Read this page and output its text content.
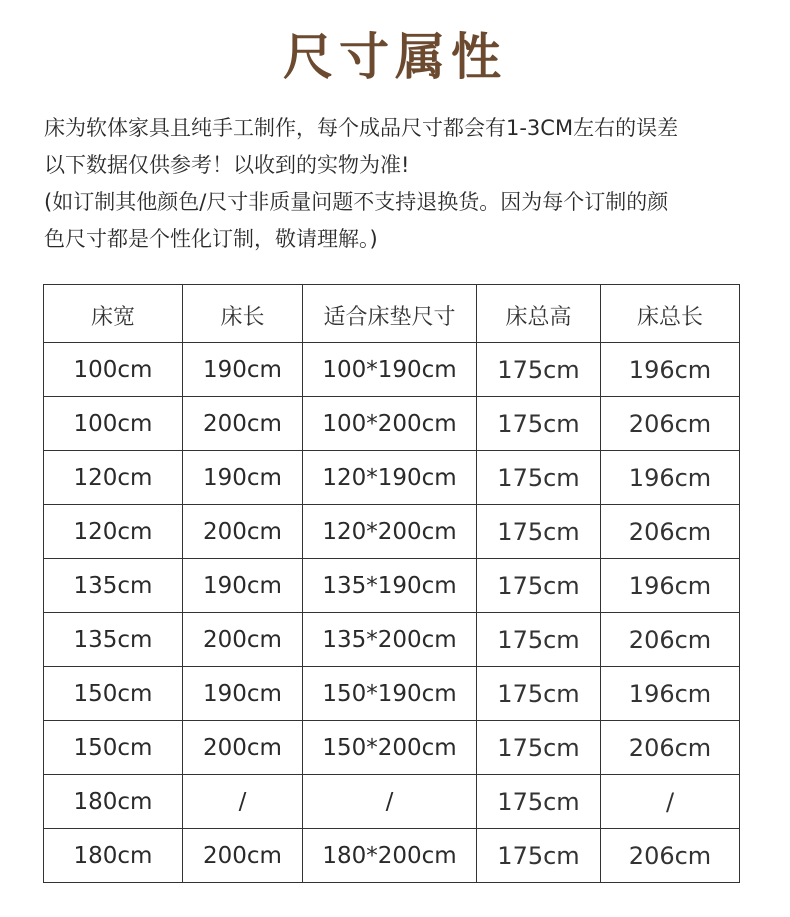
尺寸属性
床为软体家具且纯手工制作，每个成品尺寸都会有1-3CM左右的误差
以下数据仅供参考！以收到的实物为准!
(如订制其他颜色/尺寸非质量问题不支持退换货。因为每个订制的颜
色尺寸都是个性化订制，敬请理解。)
床宽	床长	适合床垫尺寸	床总高	床总长
100cm	190cm	100*190cm	175cm	196cm
100cm	200cm	100*200cm	175cm	206cm
120cm	190cm	120*190cm	175cm	196cm
120cm	200cm	120*200cm	175cm	206cm
135cm	190cm	135*190cm	175cm	196cm
135cm	200cm	135*200cm	175cm	206cm
150cm	190cm	150*190cm	175cm	196cm
150cm	200cm	150*200cm	175cm	206cm
180cm	/	/	175cm	/
180cm	200cm	180*200cm	175cm	206cm
